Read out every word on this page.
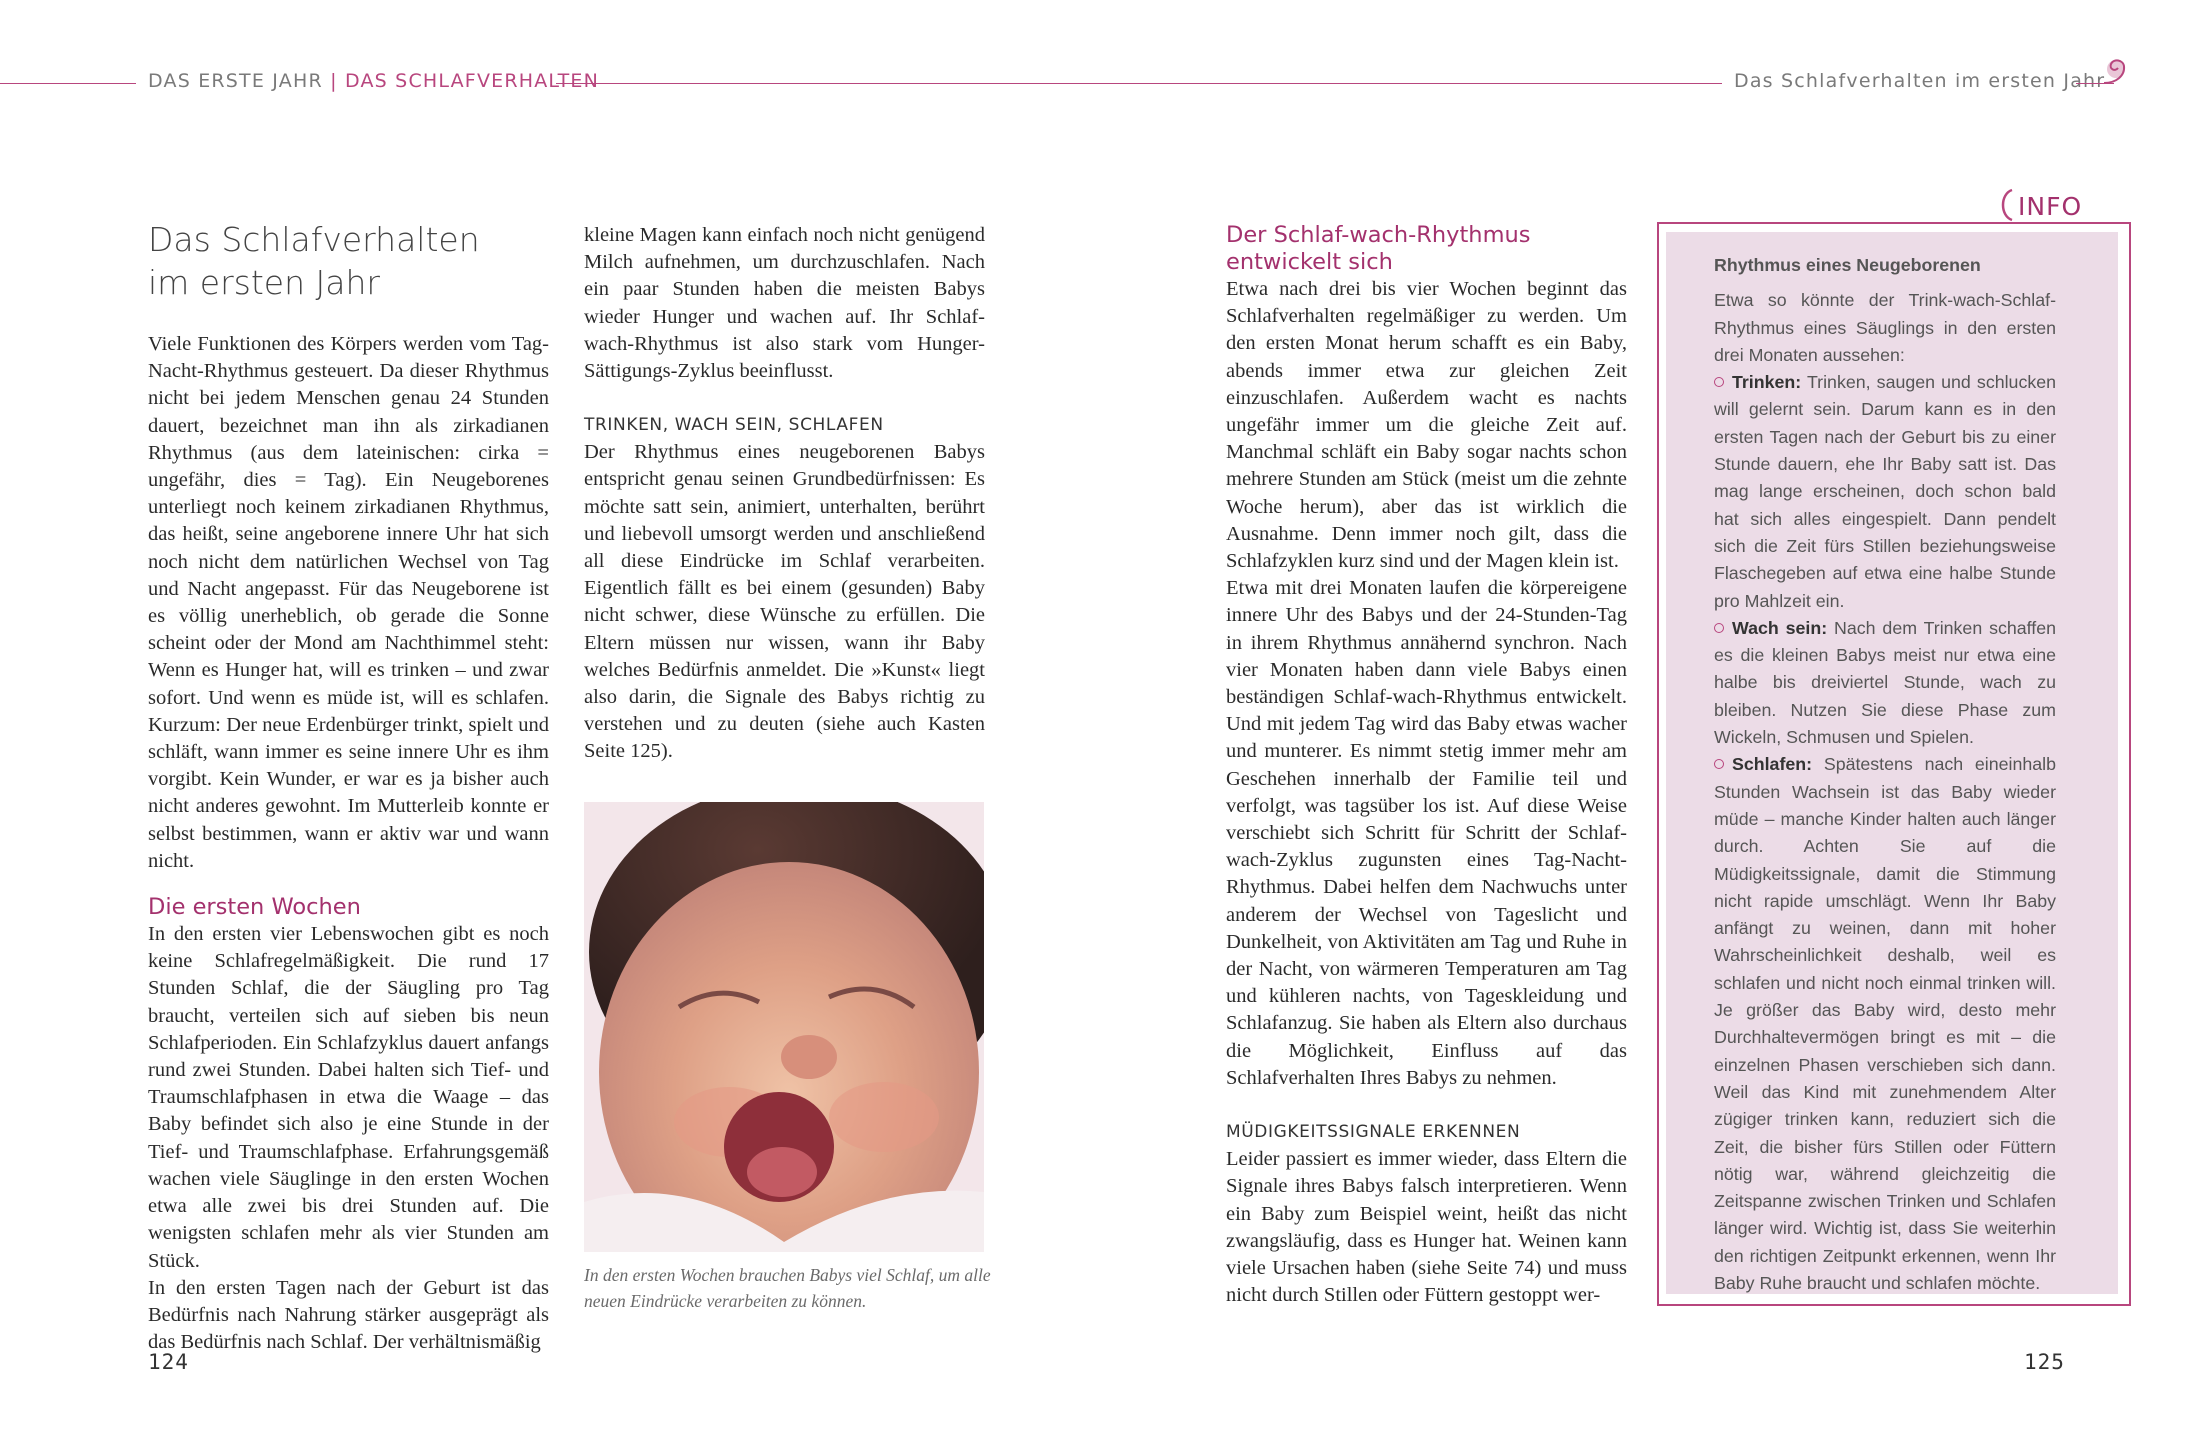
DAS ERSTE JAHR | DAS SCHLAFVERHALTEN	Das Schlafverhalten im ersten Jahr
Das Schlafverhalten
im ersten Jahr

Viele Funktionen des Körpers werden vom Tag-Nacht-Rhythmus gesteuert. Da dieser Rhythmus nicht bei jedem Menschen genau 24 Stunden dauert, bezeichnet man ihn als zirkadianen Rhythmus (aus dem lateinischen: cirka = ungefähr, dies = Tag). Ein Neugeborenes unterliegt noch keinem zirkadianen Rhythmus, das heißt, seine angeborene innere Uhr hat sich noch nicht dem natürlichen Wechsel von Tag und Nacht angepasst. Für das Neugeborene ist es völlig unerheblich, ob gerade die Sonne scheint oder der Mond am Nachthimmel steht: Wenn es Hunger hat, will es trinken – und zwar sofort. Und wenn es müde ist, will es schlafen. Kurzum: Der neue Erdenbürger trinkt, spielt und schläft, wann immer es seine innere Uhr es ihm vorgibt. Kein Wunder, er war es ja bisher auch nicht anderes gewohnt. Im Mutterleib konnte er selbst bestimmen, wann er aktiv war und wann nicht.

Die ersten Wochen

In den ersten vier Lebenswochen gibt es noch keine Schlafregelmäßigkeit. Die rund 17 Stunden Schlaf, die der Säugling pro Tag braucht, verteilen sich auf sieben bis neun Schlafperioden. Ein Schlafzyklus dauert anfangs rund zwei Stunden. Dabei halten sich Tief- und Traumschlafphasen in etwa die Waage – das Baby befindet sich also je eine Stunde in der Tief- und Traumschlafphase. Erfahrungsgemäß wachen viele Säuglinge in den ersten Wochen etwa alle zwei bis drei Stunden auf. Die wenigsten schlafen mehr als vier Stunden am Stück.

In den ersten Tagen nach der Geburt ist das Bedürfnis nach Nahrung stärker ausgeprägt als das Bedürfnis nach Schlaf. Der verhältnismäßig

kleine Magen kann einfach noch nicht genügend Milch aufnehmen, um durchzuschlafen. Nach ein paar Stunden haben die meisten Babys wieder Hunger und wachen auf. Ihr Schlaf-wach-Rhythmus ist also stark vom Hunger-Sättigungs-Zyklus beeinflusst.

TRINKEN, WACH SEIN, SCHLAFEN

Der Rhythmus eines neugeborenen Babys entspricht genau seinen Grundbedürfnissen: Es möchte satt sein, animiert, unterhalten, berührt und liebevoll umsorgt werden und anschließend all diese Eindrücke im Schlaf verarbeiten. Eigentlich fällt es bei einem (gesunden) Baby nicht schwer, diese Wünsche zu erfüllen. Die Eltern müssen nur wissen, wann ihr Baby welches Bedürfnis anmeldet. Die »Kunst« liegt also darin, die Signale des Babys richtig zu verstehen und zu deuten (siehe auch Kasten Seite 125).

In den ersten Wochen brauchen Babys viel Schlaf, um alle neuen Eindrücke verarbeiten zu können.

Der Schlaf-wach-Rhythmus

entwickelt sich

Etwa nach drei bis vier Wochen beginnt das Schlafverhalten regelmäßiger zu werden. Um den ersten Monat herum schafft es ein Baby, abends immer etwa zur gleichen Zeit einzuschlafen. Außerdem wacht es nachts ungefähr immer um die gleiche Zeit auf. Manchmal schläft ein Baby sogar nachts schon mehrere Stunden am Stück (meist um die zehnte Woche herum), aber das ist wirklich die Ausnahme. Denn immer noch gilt, dass die Schlafzyklen kurz sind und der Magen klein ist.

Etwa mit drei Monaten laufen die körpereigene innere Uhr des Babys und der 24-Stunden-Tag in ihrem Rhythmus annähernd synchron. Nach vier Monaten haben dann viele Babys einen beständigen Schlaf-wach-Rhythmus entwickelt. Und mit jedem Tag wird das Baby etwas wacher und munterer. Es nimmt stetig immer mehr am Geschehen innerhalb der Familie teil und verfolgt, was tagsüber los ist. Auf diese Weise verschiebt sich Schritt für Schritt der Schlaf-wach-Zyklus zugunsten eines Tag-Nacht-Rhythmus. Dabei helfen dem Nachwuchs unter anderem der Wechsel von Tageslicht und Dunkelheit, von Aktivitäten am Tag und Ruhe in der Nacht, von wärmeren Temperaturen am Tag und kühleren nachts, von Tageskleidung und Schlafanzug. Sie haben als Eltern also durchaus die Möglichkeit, Einfluss auf das Schlafverhalten Ihres Babys zu nehmen.

MÜDIGKEITSSIGNALE ERKENNEN

Leider passiert es immer wieder, dass Eltern die Signale ihres Babys falsch interpretieren. Wenn ein Baby zum Beispiel weint, heißt das nicht zwangsläufig, dass es Hunger hat. Weinen kann viele Ursachen haben (siehe Seite 74) und muss nicht durch Stillen oder Füttern gestoppt wer-

INFO

Rhythmus eines Neugeborenen

Etwa so könnte der Trink-wach-Schlaf-Rhythmus eines Säuglings in den ersten drei Monaten aussehen:

Trinken: Trinken, saugen und schlucken will gelernt sein. Darum kann es in den ersten Tagen nach der Geburt bis zu einer Stunde dauern, ehe Ihr Baby satt ist. Das mag lange erscheinen, doch schon bald hat sich alles eingespielt. Dann pendelt sich die Zeit fürs Stillen beziehungsweise Flaschegeben auf etwa eine halbe Stunde pro Mahlzeit ein.

Wach sein: Nach dem Trinken schaffen es die kleinen Babys meist nur etwa eine halbe bis dreiviertel Stunde, wach zu bleiben. Nutzen Sie diese Phase zum Wickeln, Schmusen und Spielen.

Schlafen: Spätestens nach eineinhalb Stunden Wachsein ist das Baby wieder müde – manche Kinder halten auch länger durch. Achten Sie auf die Müdigkeitssignale, damit die Stimmung nicht rapide umschlägt. Wenn Ihr Baby anfängt zu weinen, dann mit hoher Wahrscheinlichkeit deshalb, weil es schlafen und nicht noch einmal trinken will. Je größer das Baby wird, desto mehr Durchhaltevermögen bringt es mit – die einzelnen Phasen verschieben sich dann. Weil das Kind mit zunehmendem Alter zügiger trinken kann, reduziert sich die Zeit, die bisher fürs Stillen oder Füttern nötig war, während gleichzeitig die Zeitspanne zwischen Trinken und Schlafen länger wird. Wichtig ist, dass Sie weiterhin den richtigen Zeitpunkt erkennen, wenn Ihr Baby Ruhe braucht und schlafen möchte.

124	125
